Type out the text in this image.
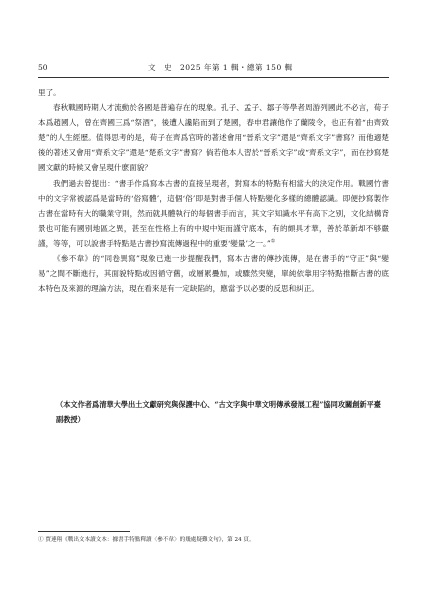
50	文　史　2025 年第 1 輯・總第 150 輯

里了。

春秋戰國時期人才流動於各國是普遍存在的現象。孔子、孟子、鄒子等學者周游列國此不必言，荀子本爲趙國人，曾在齊國三爲“祭酒”，後遭人讒陷而到了楚國，春申君讓他作了蘭陵令，也正有着“由齊致楚”的人生經歷。值得思考的是，荀子在齊爲官時的著述會用“晉系文字”還是“齊系文字”書寫？而他適楚後的著述又會用“齊系文字”還是“楚系文字”書寫？倘若他本人習於“晉系文字”或“齊系文字”，而在抄寫楚國文獻的時候又會呈現什麽面貌？

我們過去曾提出：“書手作爲寫本古書的直接呈現者，對寫本的特點有相當大的決定作用。戰國竹書中的文字常被認爲是當時的‘俗寫體’，這個‘俗’即是對書手個人特點變化多樣的總體認識。即便抄寫製作古書在當時有大的職業守則，然而就具體執行的每個書手而言，其文字知識水平有高下之别，文化結構背景也可能有國别地區之異，甚至在性格上有的中規中矩而謹守底本，有的頗具才華，善於革新却不够嚴謹，等等，可以說書手特點是古書抄寫流傳過程中的重要‘變量’之一。”①

《參不韋》的“同卷異寫”現象已進一步提醒我們，寫本古書的傳抄流傳，是在書手的“守正”與“變易”之間不斷進行，其面貌特點或因循守舊，或層累疊加，或驟然突變，單純依靠用字特點推斷古書的底本特色及來源的理論方法，現在看來是有一定缺陷的，應當予以必要的反思和糾正。

（本文作者爲清華大學出土文獻研究與保護中心、“古文字與中華文明傳承發展工程”協同攻關創新平臺副教授）
① 賈連翔《戰出文本讀文本：據書手特點釋讀〈參不韋〉的幾處疑難文句》，第 24 頁。
